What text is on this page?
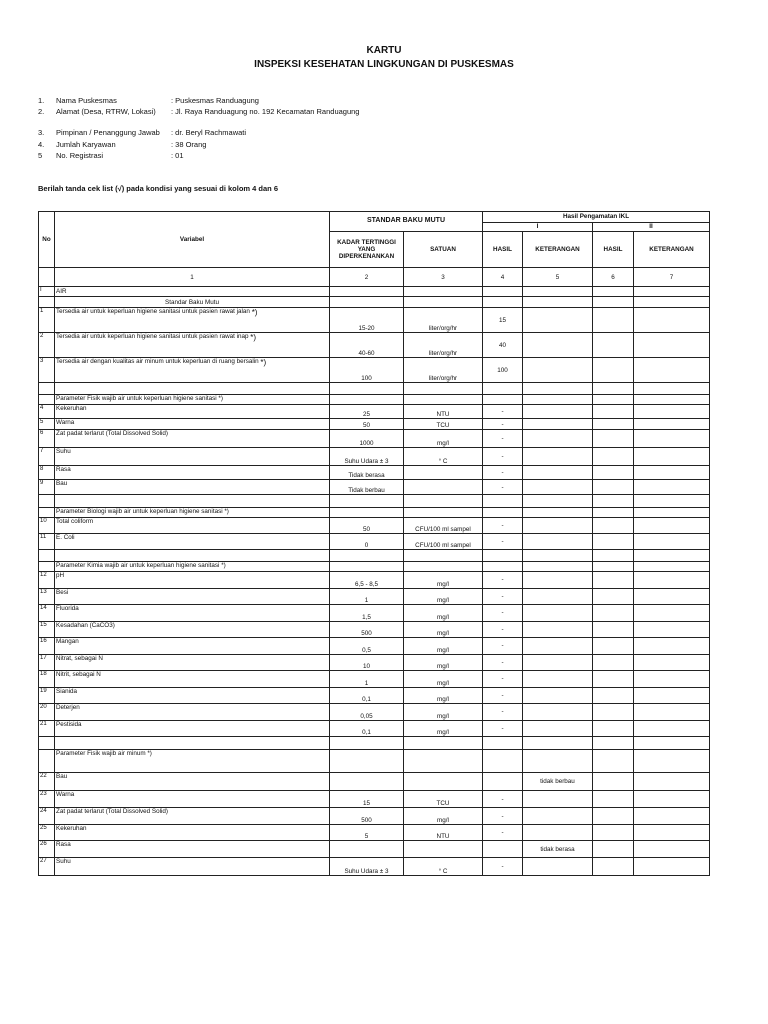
KARTU
INSPEKSI KESEHATAN LINGKUNGAN DI PUSKESMAS
1.	Nama Puskesmas	: Puskesmas Randuagung
2.	Alamat (Desa, RTRW, Lokasi) : Jl. Raya Randuagung no. 192 Kecamatan Randuagung
3.	Pimpinan / Penanggung Jawab : dr. Beryl Rachmawati
4.	Jumlah Karyawan	: 38 Orang
5	No. Registrasi	: 01
Berilah tanda cek list (√) pada kondisi yang sesuai di kolom 4 dan 6
No	Variabel	STANDAR BAKU MUTU		Hasil Pengamatan IKL			
				I		II	
		KADAR TERTINGGI YANG DIPERKENANKAN	SATUAN	HASIL	KETERANGAN	HASIL	KETERANGAN
	1	2	3	4	5	6	7
I	AIR						
	Standar Baku Mutu						
1	Tersedia air untuk keperluan higiene sanitasi untuk pasien rawat jalan *)	15-20	liter/org/hr	15			
2	Tersedia air untuk keperluan higiene sanitasi untuk pasien rawat inap *)	40-60	liter/org/hr	40			
3	Tersedia air dengan kualitas air minum untuk keperluan di ruang bersalin *)	100	liter/org/hr	100			

	Parameter Fisik wajib air untuk keperluan higiene sanitasi *)						
4	Kekeruhan	25	NTU	-			
5	Warna	50	TCU	-			
6	Zat padat terlarut (Total Dissolved Solid)	1000	mg/l	-			
7	Suhu	Suhu Udara ± 3	° C	-			
8	Rasa	Tidak berasa		-			
9	Bau	Tidak berbau		-			

	Parameter Biologi wajib air untuk keperluan higiene sanitasi *)						
10	Total coliform	50	CFU/100 ml sampel	-			
11	E. Coli	0	CFU/100 ml sampel	-			

	Parameter Kimia wajib air untuk keperluan higiene sanitasi *)						
12	pH	6,5 - 8,5	mg/l	-			
13	Besi	1	mg/l	-			
14	Fluorida	1,5	mg/l	-			
15	Kesadahan (CaCO3)	500	mg/l	-			
16	Mangan	0,5	mg/l	-			
17	Nitrat, sebagai N	10	mg/l	-			
18	Nitrit, sebagai N	1	mg/l	-			
19	Sianida	0,1	mg/l	-			
20	Deterjen	0,05	mg/l	-			
21	Pestisida	0,1	mg/l	-			

	Parameter Fisik wajib air minum *)						
22	Bau				tidak berbau		
23	Warna	15	TCU	-			
24	Zat padat terlarut (Total Dissolved Solid)	500	mg/l	-			
25	Kekeruhan	5	NTU	-			
26	Rasa				tidak berasa		
27	Suhu	Suhu Udara ± 3	° C	-			
